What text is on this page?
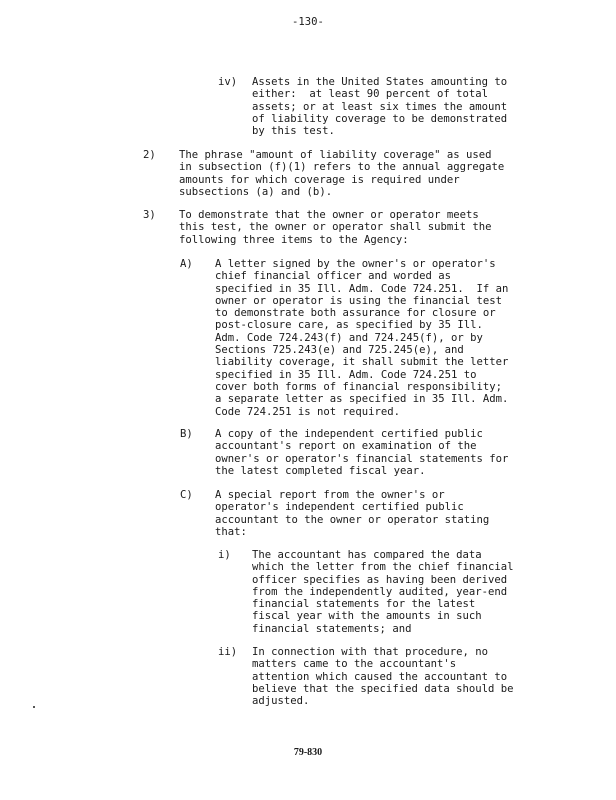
-130-
iv) Assets in the United States amounting to

either:  at least 90 percent of total

assets; or at least six times the amount

of liability coverage to be demonstrated

by this test.

2) The phrase "amount of liability coverage" as used

in subsection (f)(1) refers to the annual aggregate

amounts for which coverage is required under

subsections (a) and (b).

3) To demonstrate that the owner or operator meets

this test, the owner or operator shall submit the

following three items to the Agency:

A) A letter signed by the owner's or operator's

chief financial officer and worded as

specified in 35 Ill. Adm. Code 724.251.  If an

owner or operator is using the financial test

to demonstrate both assurance for closure or

post-closure care, as specified by 35 Ill.

Adm. Code 724.243(f) and 724.245(f), or by

Sections 725.243(e) and 725.245(e), and

liability coverage, it shall submit the letter

specified in 35 Ill. Adm. Code 724.251 to

cover both forms of financial responsibility;

a separate letter as specified in 35 Ill. Adm.

Code 724.251 is not required.

B) A copy of the independent certified public

accountant's report on examination of the

owner's or operator's financial statements for

the latest completed fiscal year.

C) A special report from the owner's or

operator's independent certified public

accountant to the owner or operator stating

that:

i) The accountant has compared the data

which the letter from the chief financial

officer specifies as having been derived

from the independently audited, year-end

financial statements for the latest

fiscal year with the amounts in such

financial statements; and

ii) In connection with that procedure, no

matters came to the accountant's

attention which caused the accountant to

believe that the specified data should be

adjusted.

79-830
